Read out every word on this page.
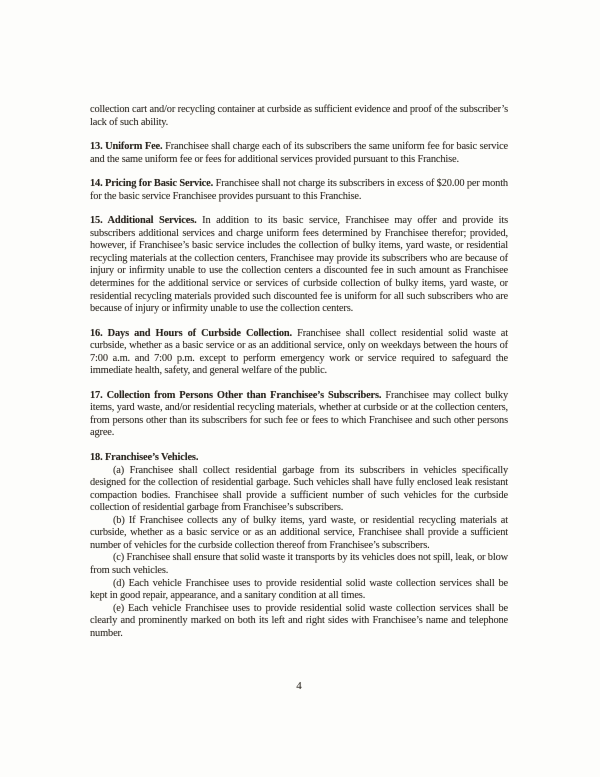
collection cart and/or recycling container at curbside as sufficient evidence and proof of the subscriber’s lack of such ability.

13. Uniform Fee. Franchisee shall charge each of its subscribers the same uniform fee for basic service and the same uniform fee or fees for additional services provided pursuant to this Franchise.

14. Pricing for Basic Service. Franchisee shall not charge its subscribers in excess of $20.00 per month for the basic service Franchisee provides pursuant to this Franchise.

15. Additional Services. In addition to its basic service, Franchisee may offer and provide its subscribers additional services and charge uniform fees determined by Franchisee therefor; provided, however, if Franchisee’s basic service includes the collection of bulky items, yard waste, or residential recycling materials at the collection centers, Franchisee may provide its subscribers who are because of injury or infirmity unable to use the collection centers a discounted fee in such amount as Franchisee determines for the additional service or services of curbside collection of bulky items, yard waste, or residential recycling materials provided such discounted fee is uniform for all such subscribers who are because of injury or infirmity unable to use the collection centers.

16. Days and Hours of Curbside Collection. Franchisee shall collect residential solid waste at curbside, whether as a basic service or as an additional service, only on weekdays between the hours of 7:00 a.m. and 7:00 p.m. except to perform emergency work or service required to safeguard the immediate health, safety, and general welfare of the public.

17. Collection from Persons Other than Franchisee’s Subscribers. Franchisee may collect bulky items, yard waste, and/or residential recycling materials, whether at curbside or at the collection centers, from persons other than its subscribers for such fee or fees to which Franchisee and such other persons agree.

18. Franchisee’s Vehicles.

(a) Franchisee shall collect residential garbage from its subscribers in vehicles specifically designed for the collection of residential garbage. Such vehicles shall have fully enclosed leak resistant compaction bodies. Franchisee shall provide a sufficient number of such vehicles for the curbside collection of residential garbage from Franchisee’s subscribers.

(b) If Franchisee collects any of bulky items, yard waste, or residential recycling materials at curbside, whether as a basic service or as an additional service, Franchisee shall provide a sufficient number of vehicles for the curbside collection thereof from Franchisee’s subscribers.

(c) Franchisee shall ensure that solid waste it transports by its vehicles does not spill, leak, or blow from such vehicles.

(d) Each vehicle Franchisee uses to provide residential solid waste collection services shall be kept in good repair, appearance, and a sanitary condition at all times.

(e) Each vehicle Franchisee uses to provide residential solid waste collection services shall be clearly and prominently marked on both its left and right sides with Franchisee’s name and telephone number.

4
